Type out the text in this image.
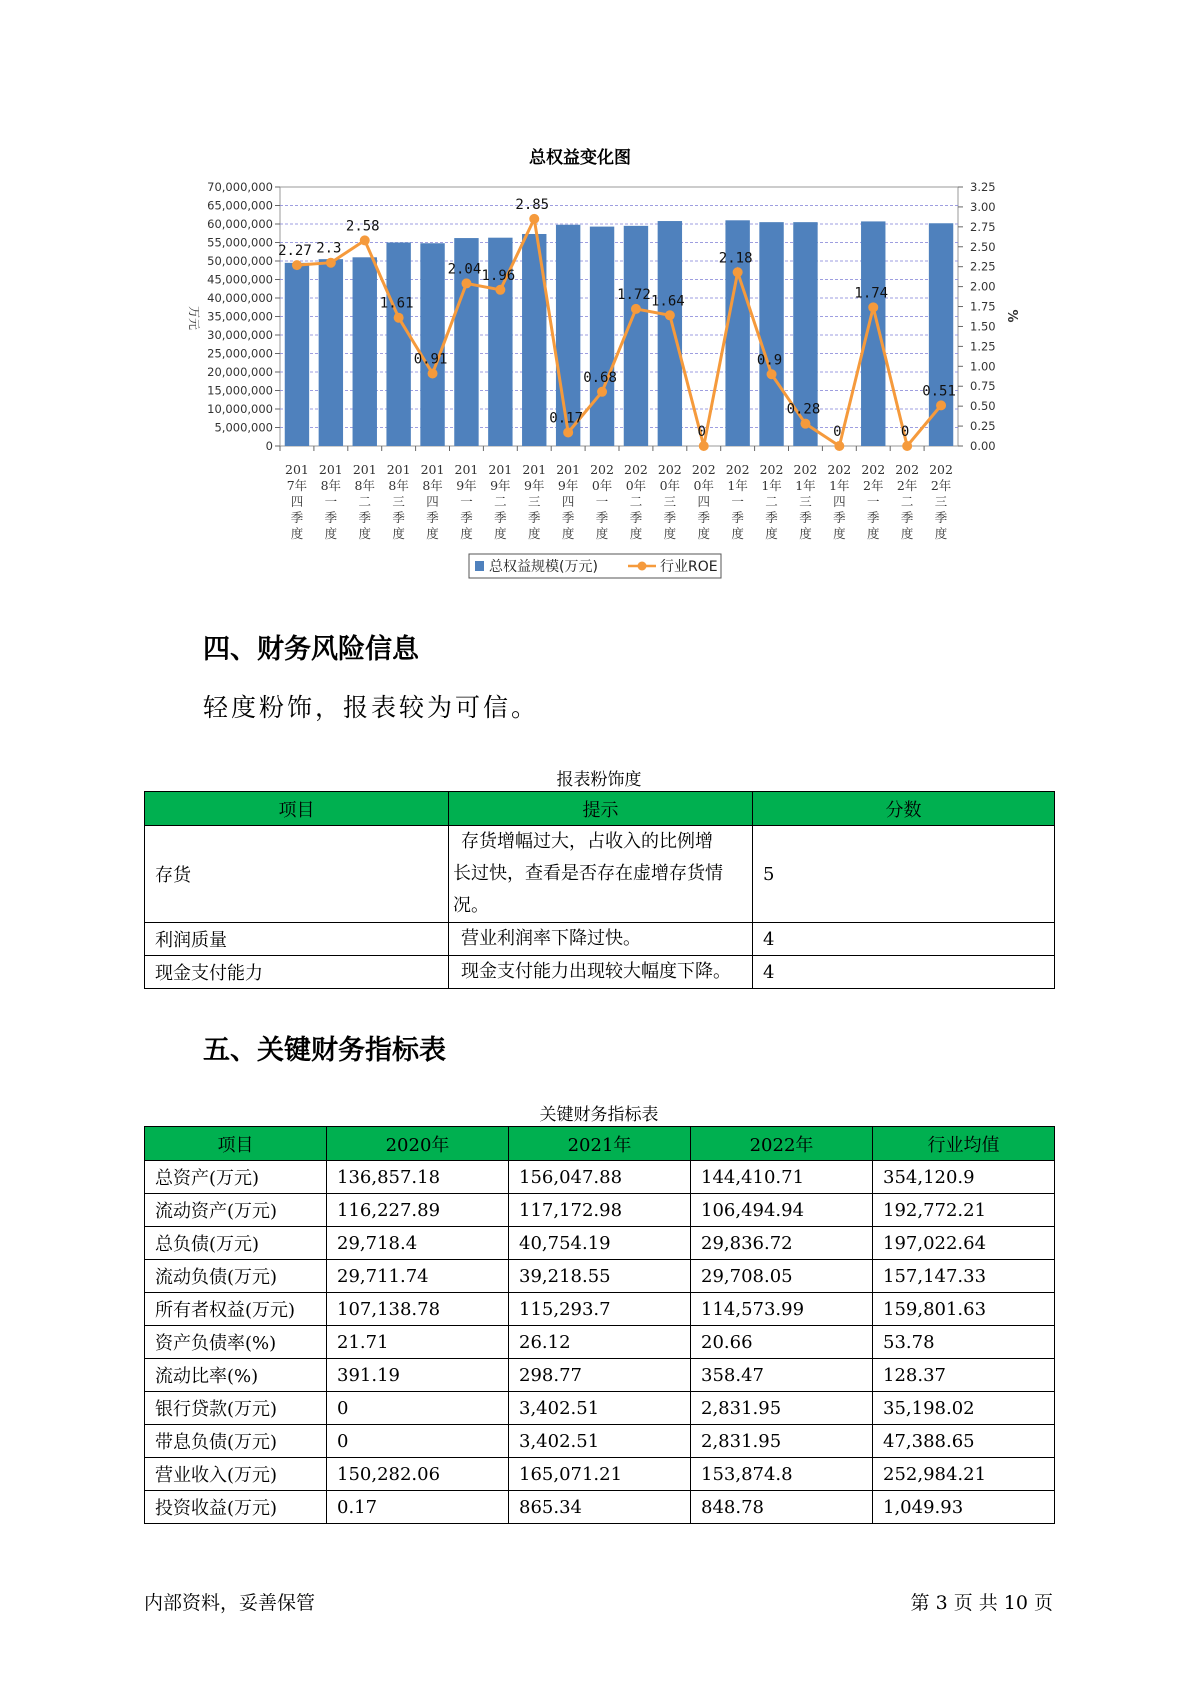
总权益变化图
70,000,000
65,000,000
60,000,000
55,000,000
50,000,000
45,000,000
40,000,000
35,000,000
30,000,000
25,000,000
20,000,000
15,000,000
10,000,000
5,000,000
0
3.25
3.00
2.75
2.50
2.25
2.00
1.75
1.50
1.25
1.00
0.75
0.50
0.25
0.00
万元	%
201
7年
四
季
度
201
8年
一
季
度
201
8年
二
季
度
201
8年
三
季
度
201
8年
四
季
度
201
9年
一
季
度
201
9年
二
季
度
201
9年
三
季
度
201
9年
四
季
度
202
0年
一
季
度
202
0年
二
季
度
202
0年
三
季
度
202
0年
四
季
度
202
1年
一
季
度
202
1年
二
季
度
202
1年
三
季
度
202
1年
四
季
度
202
2年
一
季
度
202
2年
二
季
度
202
2年
三
季
度
2.27 2.3
2.58
1.61
0.91
2.04 1.96
2.85
0.17
0.68
1.72 1.64
0
2.18
0.9
0.28
0
1.74
0
0.51
总权益规模(万元)	行业ROE
四、财务风险信息
轻度粉饰，报表较为可信。
报表粉饰度
项目	提示	分数
存货	存货增幅过大，占收入的比例增
长过快，查看是否存在虚增存货情
况。	5
利润质量	营业利润率下降过快。	4
现金支付能力	现金支付能力出现较大幅度下降。	4
五、关键财务指标表
关键财务指标表
项目	2020年	2021年	2022年	行业均值
总资产(万元)	136,857.18	156,047.88	144,410.71	354,120.9
流动资产(万元)	116,227.89	117,172.98	106,494.94	192,772.21
总负债(万元)	29,718.4	40,754.19	29,836.72	197,022.64
流动负债(万元)	29,711.74	39,218.55	29,708.05	157,147.33
所有者权益(万元)	107,138.78	115,293.7	114,573.99	159,801.63
资产负债率(%)	21.71	26.12	20.66	53.78
流动比率(%)	391.19	298.77	358.47	128.37
银行贷款(万元)	0	3,402.51	2,831.95	35,198.02
带息负债(万元)	0	3,402.51	2,831.95	47,388.65
营业收入(万元)	150,282.06	165,071.21	153,874.8	252,984.21
投资收益(万元)	0.17	865.34	848.78	1,049.93
内部资料，妥善保管	第 3 页 共 10 页
